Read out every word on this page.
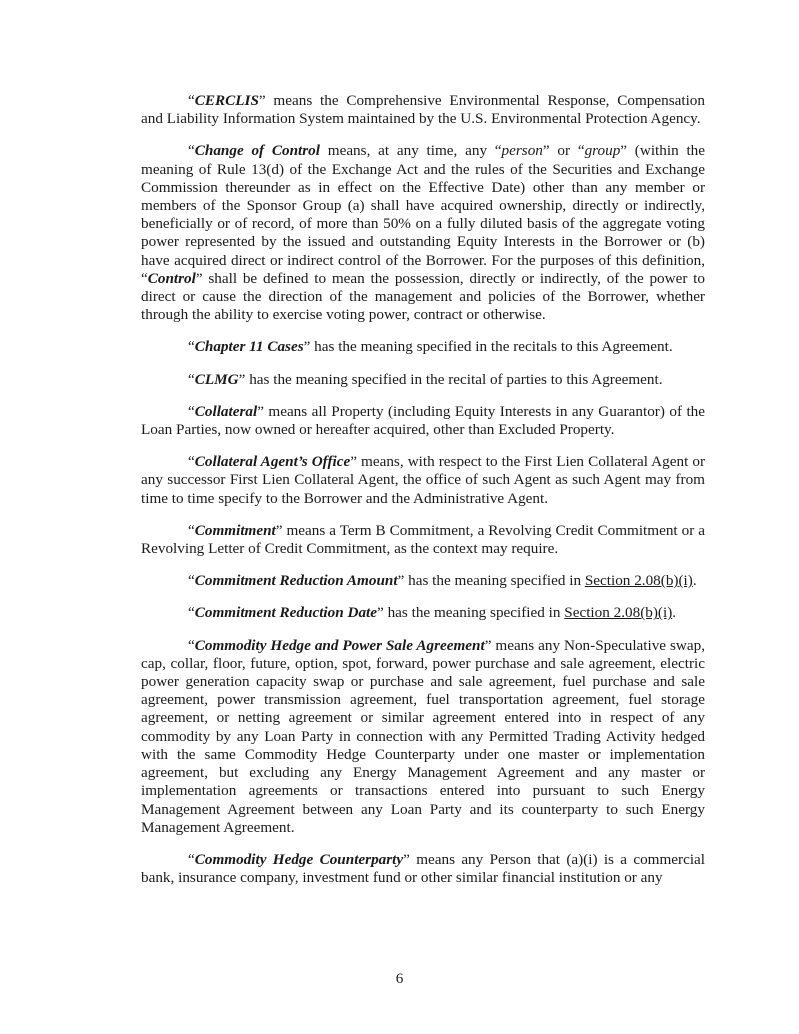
“CERCLIS” means the Comprehensive Environmental Response, Compensation and Liability Information System maintained by the U.S. Environmental Protection Agency.

“Change of Control means, at any time, any “person” or “group” (within the meaning of Rule 13(d) of the Exchange Act and the rules of the Securities and Exchange Commission thereunder as in effect on the Effective Date) other than any member or members of the Sponsor Group (a) shall have acquired ownership, directly or indirectly, beneficially or of record, of more than 50% on a fully diluted basis of the aggregate voting power represented by the issued and outstanding Equity Interests in the Borrower or (b) have acquired direct or indirect control of the Borrower. For the purposes of this definition, “Control” shall be defined to mean the possession, directly or indirectly, of the power to direct or cause the direction of the management and policies of the Borrower, whether through the ability to exercise voting power, contract or otherwise.

“Chapter 11 Cases” has the meaning specified in the recitals to this Agreement.

“CLMG” has the meaning specified in the recital of parties to this Agreement.

“Collateral” means all Property (including Equity Interests in any Guarantor) of the Loan Parties, now owned or hereafter acquired, other than Excluded Property.

“Collateral Agent’s Office” means, with respect to the First Lien Collateral Agent or any successor First Lien Collateral Agent, the office of such Agent as such Agent may from time to time specify to the Borrower and the Administrative Agent.

“Commitment” means a Term B Commitment, a Revolving Credit Commitment or a Revolving Letter of Credit Commitment, as the context may require.

“Commitment Reduction Amount” has the meaning specified in Section 2.08(b)(i).

“Commitment Reduction Date” has the meaning specified in Section 2.08(b)(i).

“Commodity Hedge and Power Sale Agreement” means any Non-Speculative swap, cap, collar, floor, future, option, spot, forward, power purchase and sale agreement, electric power generation capacity swap or purchase and sale agreement, fuel purchase and sale agreement, power transmission agreement, fuel transportation agreement, fuel storage agreement, or netting agreement or similar agreement entered into in respect of any commodity by any Loan Party in connection with any Permitted Trading Activity hedged with the same Commodity Hedge Counterparty under one master or implementation agreement, but excluding any Energy Management Agreement and any master or implementation agreements or transactions entered into pursuant to such Energy Management Agreement between any Loan Party and its counterparty to such Energy Management Agreement.

“Commodity Hedge Counterparty” means any Person that (a)(i) is a commercial bank, insurance company, investment fund or other similar financial institution or any

6
